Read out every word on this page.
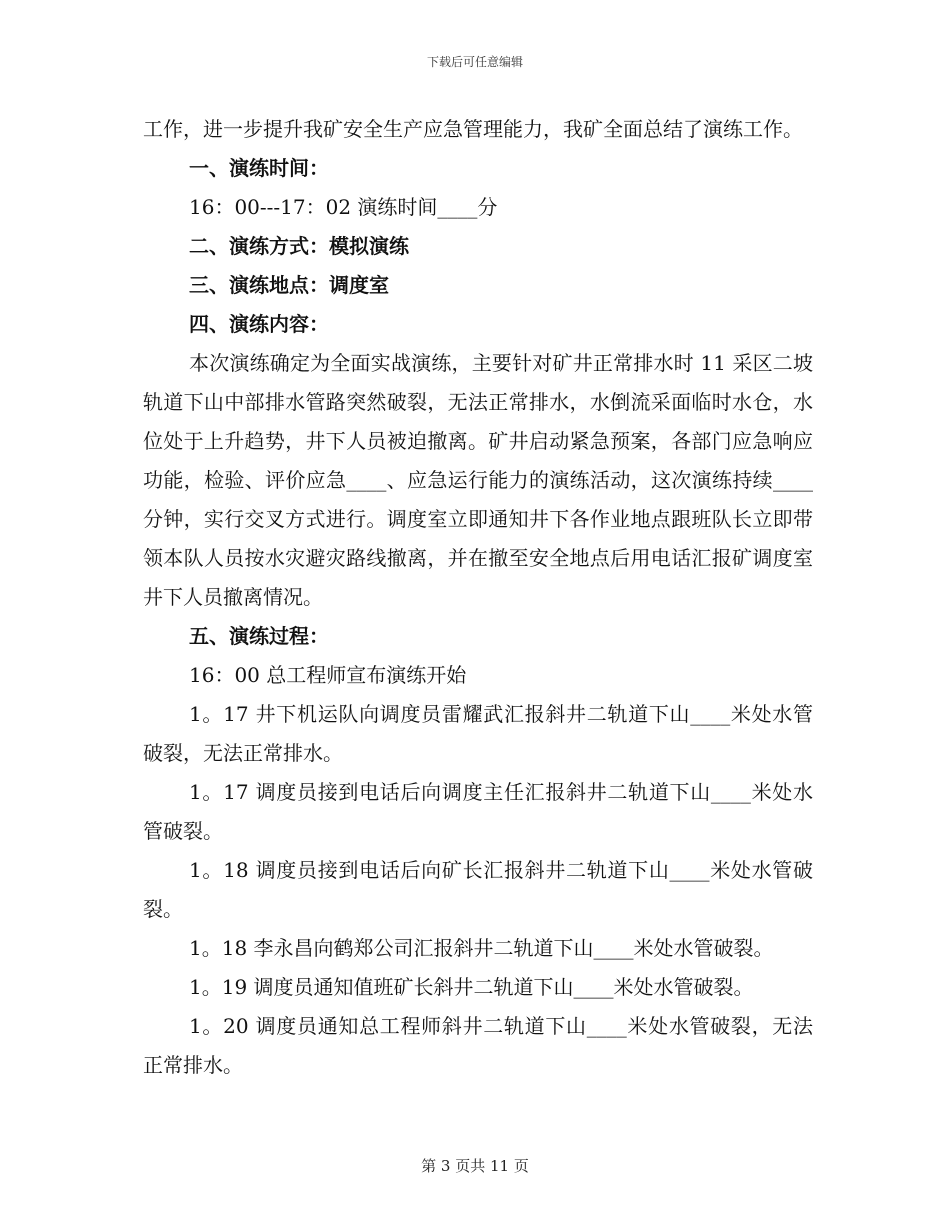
下载后可任意编辑

工作，进一步提升我矿安全生产应急管理能力，我矿全面总结了演练工作。

一、演练时间：

16：00---17：02 演练时间____分

二、演练方式：模拟演练

三、演练地点：调度室

四、演练内容：

本次演练确定为全面实战演练，主要针对矿井正常排水时 11 采区二坡轨道下山中部排水管路突然破裂，无法正常排水，水倒流采面临时水仓，水位处于上升趋势，井下人员被迫撤离。矿井启动紧急预案，各部门应急响应功能，检验、评价应急____、应急运行能力的演练活动，这次演练持续____分钟，实行交叉方式进行。调度室立即通知井下各作业地点跟班队长立即带领本队人员按水灾避灾路线撤离，并在撤至安全地点后用电话汇报矿调度室井下人员撤离情况。

五、演练过程：

16：00 总工程师宣布演练开始

1。17 井下机运队向调度员雷耀武汇报斜井二轨道下山____米处水管破裂，无法正常排水。

1。17 调度员接到电话后向调度主任汇报斜井二轨道下山____米处水管破裂。

1。18 调度员接到电话后向矿长汇报斜井二轨道下山____米处水管破裂。

1。18 李永昌向鹤郑公司汇报斜井二轨道下山____米处水管破裂。

1。19 调度员通知值班矿长斜井二轨道下山____米处水管破裂。

1。20 调度员通知总工程师斜井二轨道下山____米处水管破裂，无法正常排水。

第 3 页共 11 页
